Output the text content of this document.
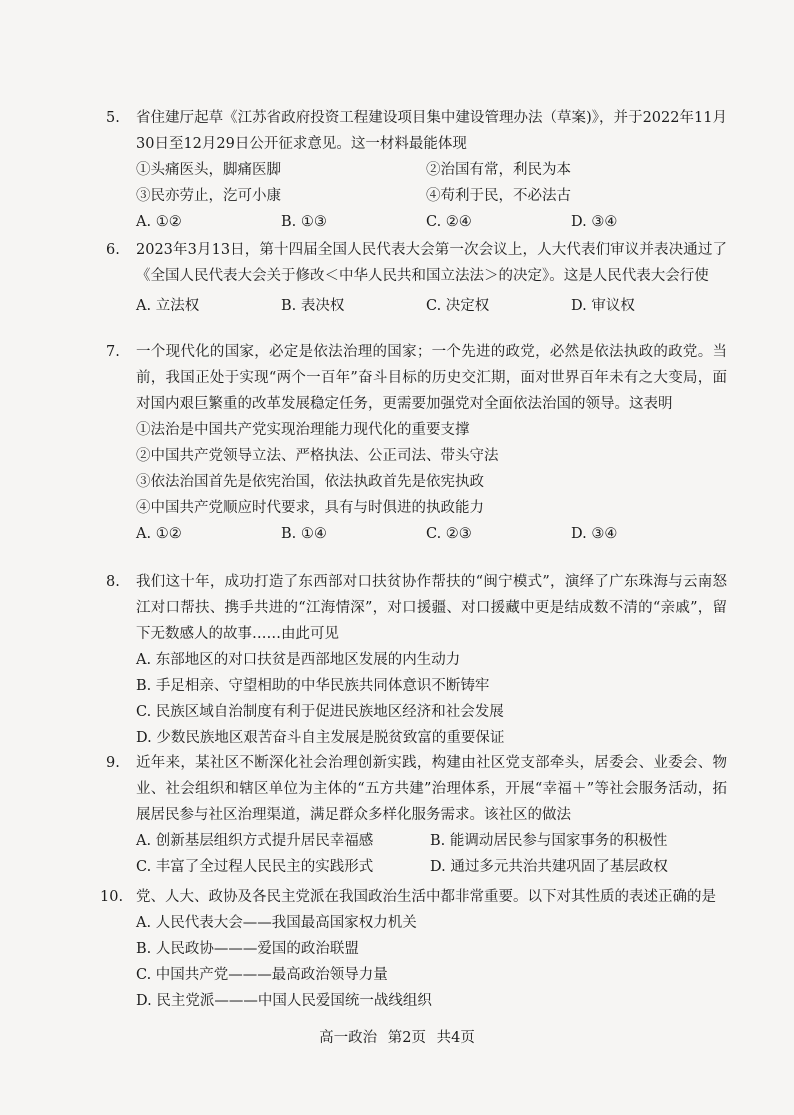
5.	省住建厅起草《江苏省政府投资工程建设项目集中建设管理办法（草案)》，并于2022年11月30日至12月29日公开征求意见。这一材料最能体现
①头痛医头，脚痛医脚	②治国有常，利民为本
③民亦劳止，汔可小康	④苟利于民，不必法古
A. ①②	B. ①③	C. ②④	D. ③④
6.	2023年3月13日，第十四届全国人民代表大会第一次会议上，人大代表们审议并表决通过了《全国人民代表大会关于修改＜中华人民共和国立法法＞的决定》。这是人民代表大会行使
A. 立法权	B. 表决权	C. 决定权	D. 审议权
7.	一个现代化的国家，必定是依法治理的国家；一个先进的政党，必然是依法执政的政党。当前，我国正处于实现“两个一百年”奋斗目标的历史交汇期，面对世界百年未有之大变局，面对国内艰巨繁重的改革发展稳定任务，更需要加强党对全面依法治国的领导。这表明
①法治是中国共产党实现治理能力现代化的重要支撑
②中国共产党领导立法、严格执法、公正司法、带头守法
③依法治国首先是依宪治国，依法执政首先是依宪执政
④中国共产党顺应时代要求，具有与时俱进的执政能力
A. ①②	B. ①④	C. ②③	D. ③④
8.	我们这十年，成功打造了东西部对口扶贫协作帮扶的“闽宁模式”，演绎了广东珠海与云南怒江对口帮扶、携手共进的“江海情深”，对口援疆、对口援藏中更是结成数不清的“亲戚”，留下无数感人的故事……由此可见
A. 东部地区的对口扶贫是西部地区发展的内生动力
B. 手足相亲、守望相助的中华民族共同体意识不断铸牢
C. 民族区域自治制度有利于促进民族地区经济和社会发展
D. 少数民族地区艰苦奋斗自主发展是脱贫致富的重要保证
9.	近年来，某社区不断深化社会治理创新实践，构建由社区党支部牵头，居委会、业委会、物业、社会组织和辖区单位为主体的“五方共建”治理体系，开展“幸福＋”等社会服务活动，拓展居民参与社区治理渠道，满足群众多样化服务需求。该社区的做法
A. 创新基层组织方式提升居民幸福感	B. 能调动居民参与国家事务的积极性
C. 丰富了全过程人民民主的实践形式	D. 通过多元共治共建巩固了基层政权
10. 党、人大、政协及各民主党派在我国政治生活中都非常重要。以下对其性质的表述正确的是
A. 人民代表大会——我国最高国家权力机关
B. 人民政协———爱国的政治联盟
C. 中国共产党———最高政治领导力量
D. 民主党派———中国人民爱国统一战线组织
高一政治 第2页 共4页
